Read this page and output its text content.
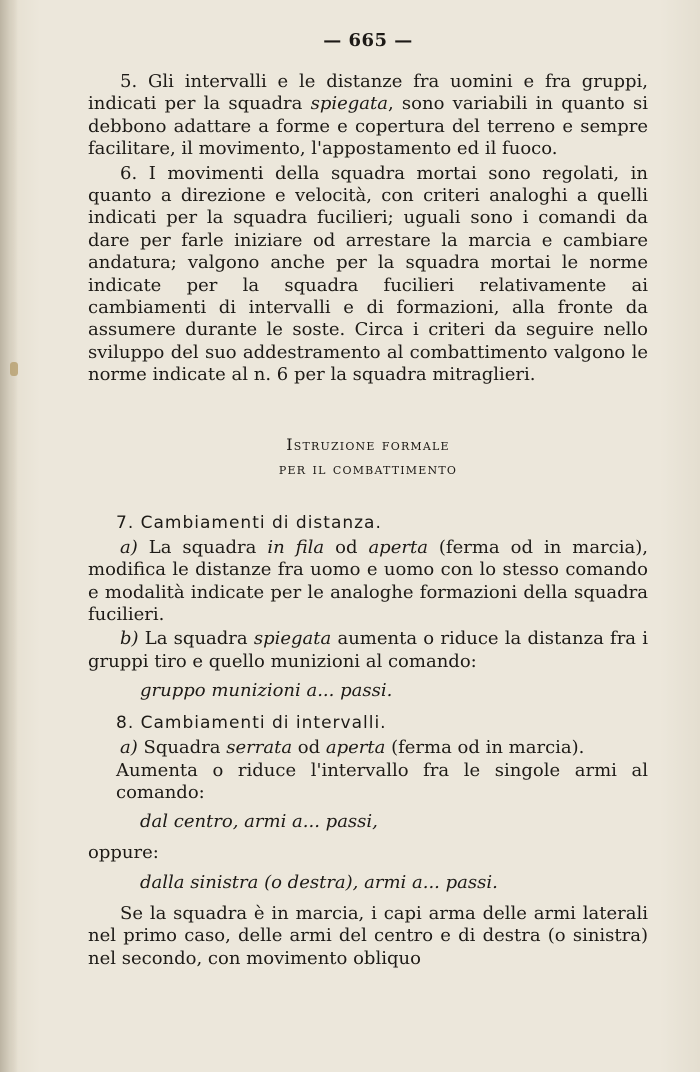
— 665 —

5. Gli intervalli e le distanze fra uomini e fra gruppi, indicati per la squadra spiegata, sono variabili in quanto si debbono adattare a forme e copertura del terreno e sempre facilitare, il movimento, l'appostamento ed il fuoco.

6. I movimenti della squadra mortai sono regolati, in quanto a direzione e velocità, con criteri analoghi a quelli indicati per la squadra fucilieri; uguali sono i comandi da dare per farle iniziare od arrestare la marcia e cambiare andatura; valgono anche per la squadra mortai le norme indicate per la squadra fucilieri relativamente ai cambiamenti di intervalli e di formazioni, alla fronte da assumere durante le soste. Circa i criteri da seguire nello sviluppo del suo addestramento al combattimento valgono le norme indicate al n. 6 per la squadra mitraglieri.

Istruzione formale

per il combattimento

7. Cambiamenti di distanza.

a) La squadra in fila od aperta (ferma od in marcia), modifica le distanze fra uomo e uomo con lo stesso comando e modalità indicate per le analoghe formazioni della squadra fucilieri.

b) La squadra spiegata aumenta o riduce la distanza fra i gruppi tiro e quello munizioni al comando:

gruppo munizioni a... passi.

8. Cambiamenti di intervalli.

a) Squadra serrata od aperta (ferma od in marcia).

Aumenta o riduce l'intervallo fra le singole armi al comando:

dal centro, armi a... passi,

oppure:

dalla sinistra (o destra), armi a... passi.

Se la squadra è in marcia, i capi arma delle armi laterali nel primo caso, delle armi del centro e di destra (o sinistra) nel secondo, con movimento obliquo
